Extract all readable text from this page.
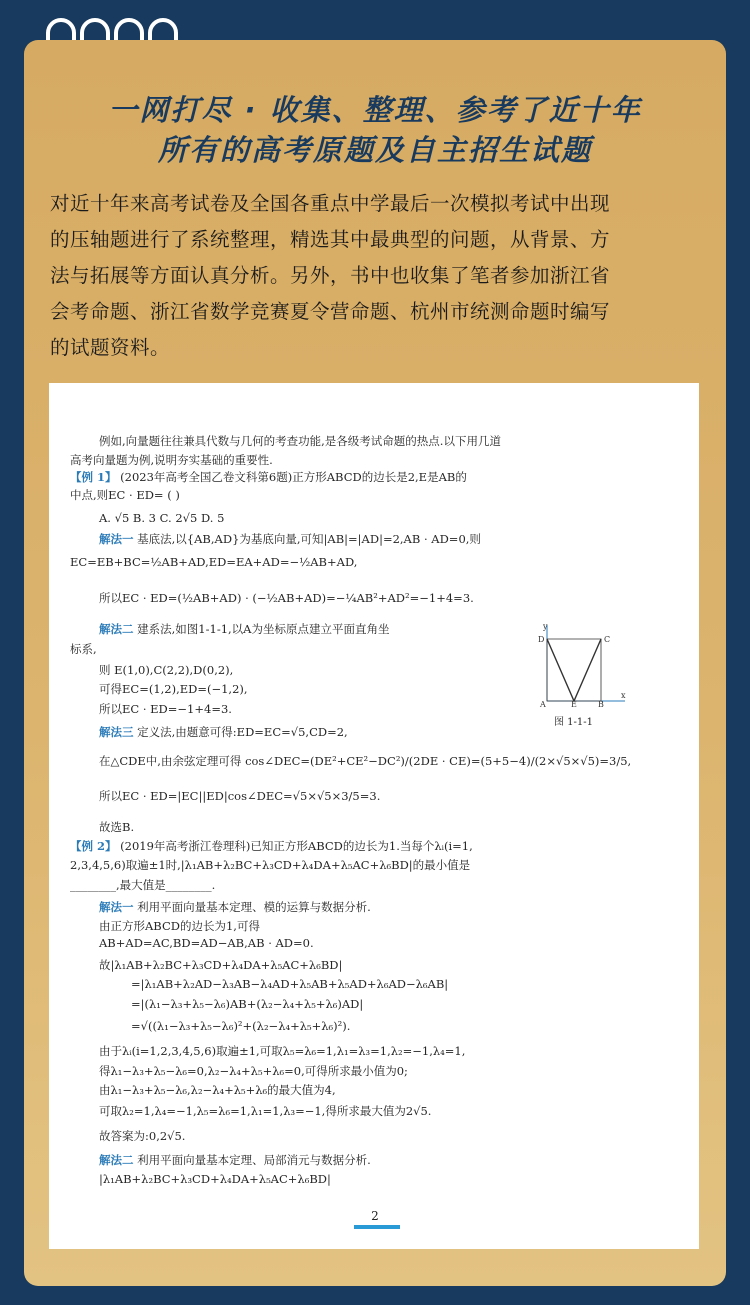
一网打尽 · 收集、整理、参考了近十年
所有的高考原题及自主招生试题
对近十年来高考试卷及全国各重点中学最后一次模拟考试中出现
的压轴题进行了系统整理，精选其中最典型的问题，从背景、方
法与拓展等方面认真分析。另外，书中也收集了笔者参加浙江省
会考命题、浙江省数学竞赛夏令营命题、杭州市统测命题时编写
的试题资料。
y
x
D	C
A	E	B
图 1-1-1
2
例如,向量题往往兼具代数与几何的考查功能,是各级考试命题的热点.以下用几道
高考向量题为例,说明夯实基础的重要性.
【例 1】 (2023年高考全国乙卷文科第6题)正方形ABCD的边长是2,E是AB的
中点,则EC · ED= ( )
A. √5 B. 3 C. 2√5 D. 5
解法一 基底法,以{AB,AD}为基底向量,可知|AB|=|AD|=2,AB · AD=0,则
EC=EB+BC=½AB+AD,ED=EA+AD=−½AB+AD,
所以EC · ED=(½AB+AD) · (−½AB+AD)=−¼AB²+AD²=−1+4=3.
解法二 建系法,如图1-1-1,以A为坐标原点建立平面直角坐
标系,
则 E(1,0),C(2,2),D(0,2),
可得EC=(1,2),ED=(−1,2),
所以EC · ED=−1+4=3.
解法三 定义法,由题意可得:ED=EC=√5,CD=2,
在△CDE中,由余弦定理可得 cos∠DEC=(DE²+CE²−DC²)/(2DE · CE)=(5+5−4)/(2×√5×√5)=3/5,
所以EC · ED=|EC||ED|cos∠DEC=√5×√5×3/5=3.
故选B.
【例 2】 (2019年高考浙江卷理科)已知正方形ABCD的边长为1.当每个λᵢ(i=1,
2,3,4,5,6)取遍±1时,|λ₁AB+λ₂BC+λ₃CD+λ₄DA+λ₅AC+λ₆BD|的最小值是
________,最大值是________.
解法一 利用平面向量基本定理、模的运算与数据分析.
由正方形ABCD的边长为1,可得
AB+AD=AC,BD=AD−AB,AB · AD=0.
故|λ₁AB+λ₂BC+λ₃CD+λ₄DA+λ₅AC+λ₆BD|
=|λ₁AB+λ₂AD−λ₃AB−λ₄AD+λ₅AB+λ₅AD+λ₆AD−λ₆AB|
=|(λ₁−λ₃+λ₅−λ₆)AB+(λ₂−λ₄+λ₅+λ₆)AD|
=√((λ₁−λ₃+λ₅−λ₆)²+(λ₂−λ₄+λ₅+λ₆)²).
由于λᵢ(i=1,2,3,4,5,6)取遍±1,可取λ₅=λ₆=1,λ₁=λ₃=1,λ₂=−1,λ₄=1,
得λ₁−λ₃+λ₅−λ₆=0,λ₂−λ₄+λ₅+λ₆=0,可得所求最小值为0;
由λ₁−λ₃+λ₅−λ₆,λ₂−λ₄+λ₅+λ₆的最大值为4,
可取λ₂=1,λ₄=−1,λ₅=λ₆=1,λ₁=1,λ₃=−1,得所求最大值为2√5.
故答案为:0,2√5.
解法二 利用平面向量基本定理、局部消元与数据分析.
|λ₁AB+λ₂BC+λ₃CD+λ₄DA+λ₅AC+λ₆BD|
